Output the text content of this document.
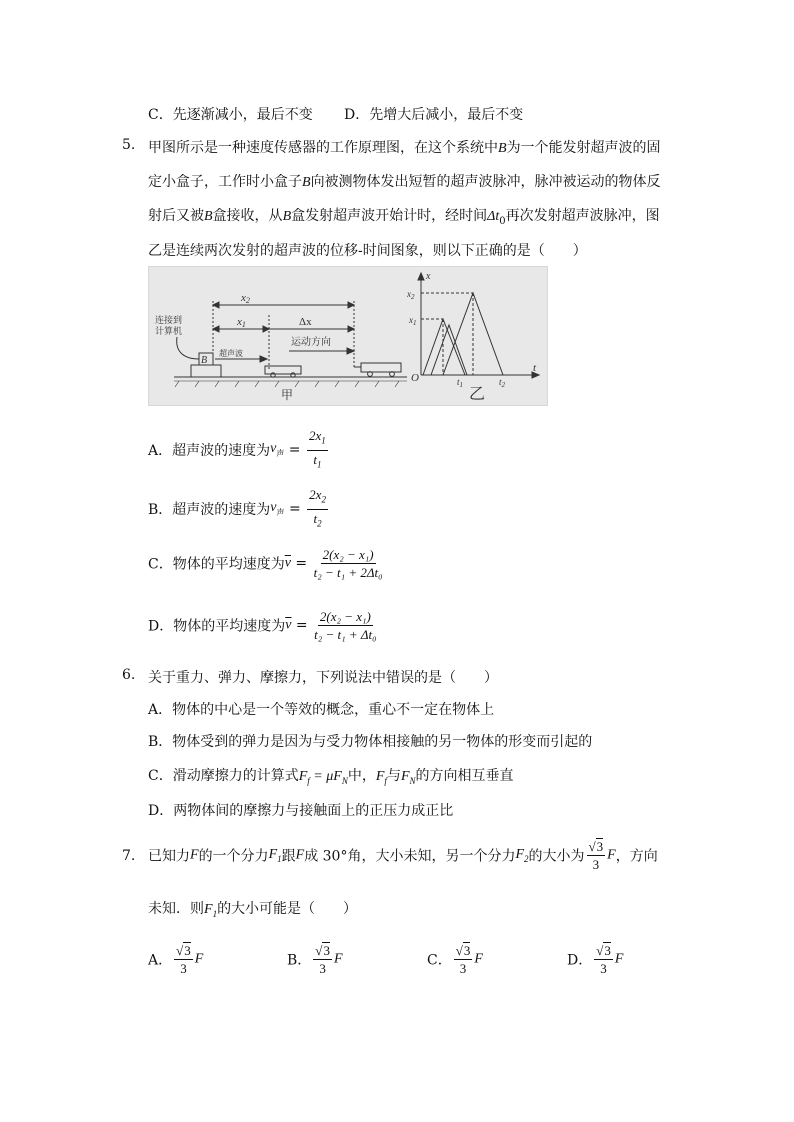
C．先逐渐减小，最后不变 D．先增大后减小，最后不变
5. 甲图所示是一种速度传感器的工作原理图，在这个系统中B为一个能发射超声波的固
定小盒子，工作时小盒子B向被测物体发出短暂的超声波脉冲，脉冲被运动的物体反
射后又被B盒接收，从B盒发射超声波开始计时，经时间$\Delta t_0$再次发射超声波脉冲，图
乙是连续两次发射的超声波的位移-时间图象，则以下正确的是（　　）
x2
x1	Δx
运动方向
超声波
B
连接到
计算机
甲
x
$x_2$
$x_1$
O	$t_1$	$t_2$
t
乙
A．超声波的速度为$v_声 = \frac{2x_1}{t_1}$
B．超声波的速度为$v_声 = \frac{2x_2}{t_2}$
C．物体的平均速度为$\overline{v} = \frac{\text{2(x₂ − x₁)}}{\text{t₂ − t₁ + 2Δt₀}}$
D．物体的平均速度为$\overline{v} = \frac{\text{2(x₂ − x₁)}}{\text{t₂ − t₁ + Δt₀}}$
6. 关于重力、弹力、摩擦力，下列说法中错误的是（　　）
A．物体的中心是一个等效的概念，重心不一定在物体上
B．物体受到的弹力是因为与受力物体相接触的另一物体的形变而引起的
C．滑动摩擦力的计算式$F_f = \mu F_N$中，$F_f$与$F_N$的方向相互垂直
D．两物体间的摩擦力与接触面上的正压力成正比
7. 已知力F的一个分力$F_1$跟F成 30°角，大小未知，另一个分力$F_2$的大小为 $\frac{√3}{3}$ F，方向
未知．则$F_1$的大小可能是（　　）
A． $\frac{√3}{3}$ F	B． $\frac{√3}{3}$ F	C． $\frac{√3}{3}$ F	D． $\frac{√3}{3}$ F
